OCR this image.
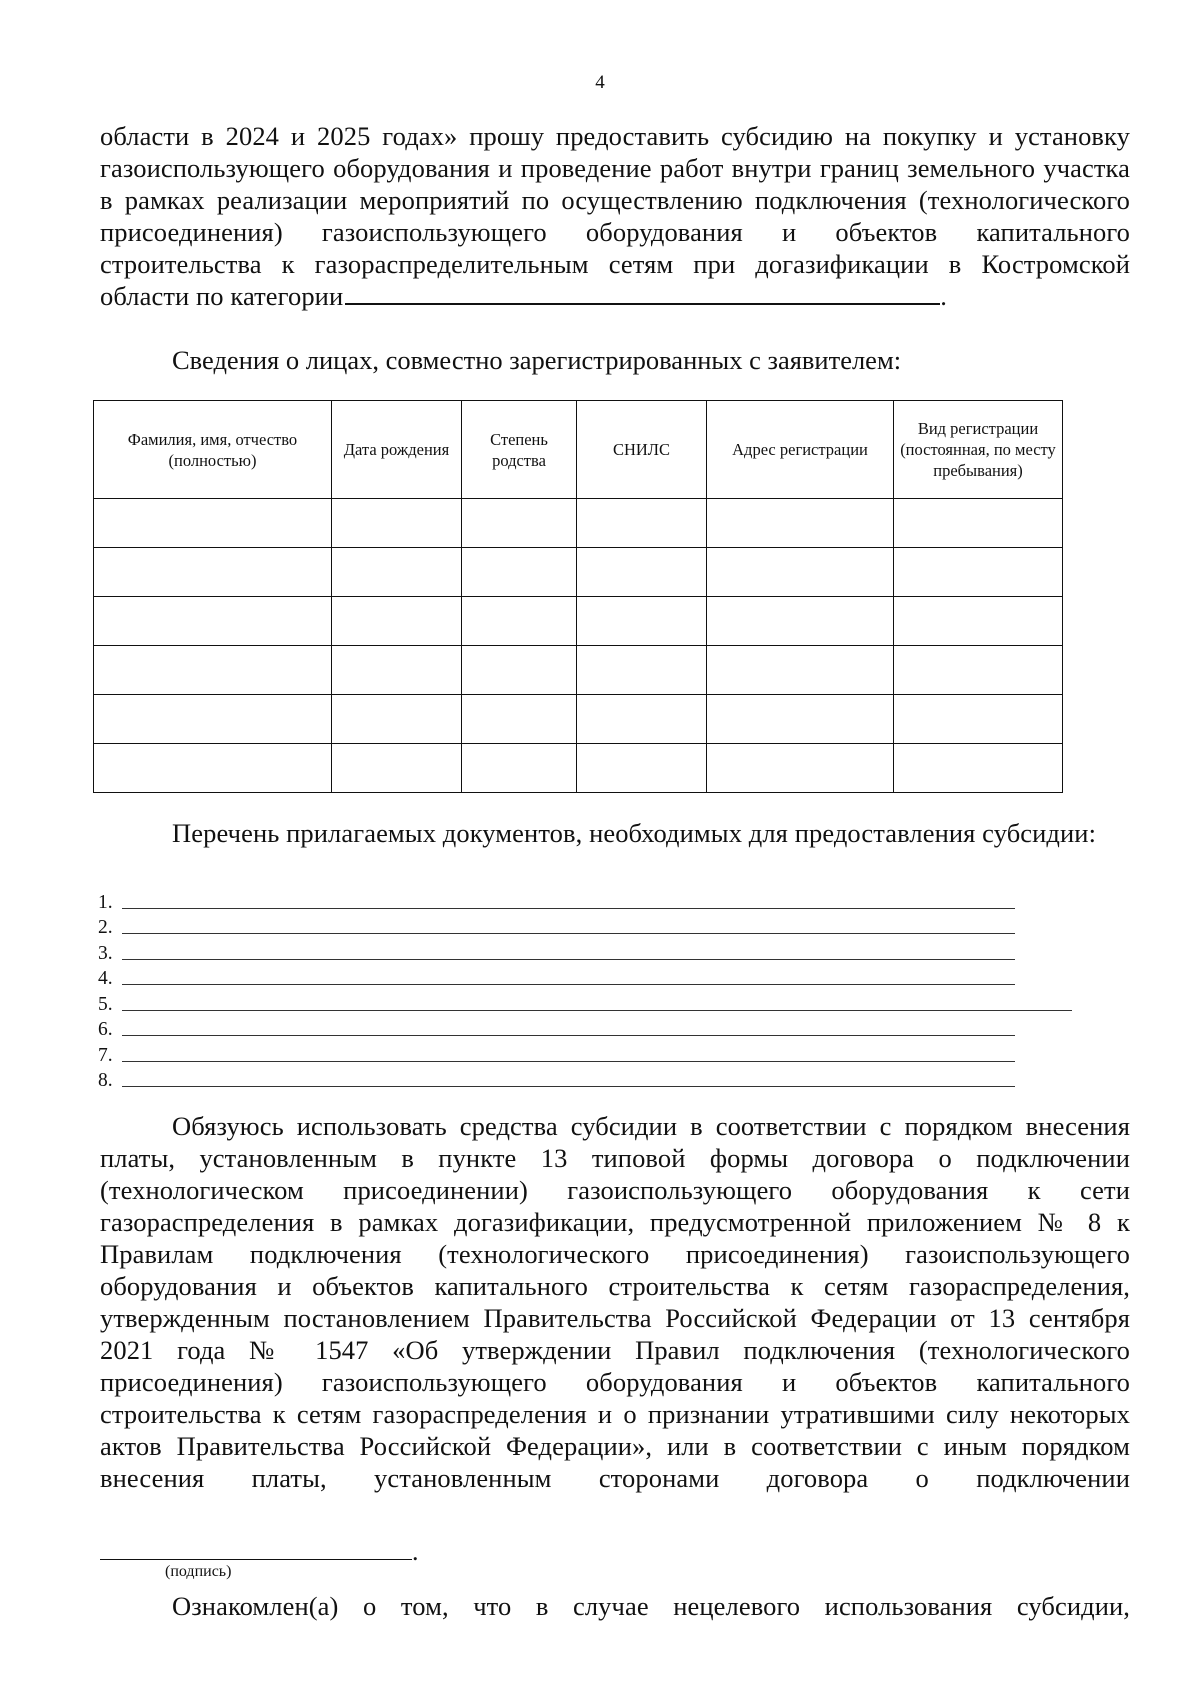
4
области в 2024 и 2025 годах» прошу предоставить субсидию на покупку и установку газоиспользующего оборудования и проведение работ внутри границ земельного участка в рамках реализации мероприятий по осуществлению подключения (технологического присоединения) газоиспользующего оборудования и объектов капитального строительства к газораспределительным сетям при догазификации в Костромской области по категории	.
Сведения о лицах, совместно зарегистрированных с заявителем:
Фамилия, имя, отчество (полностью)	Дата рождения	Степень родства	СНИЛС	Адрес регистрации	Вид регистрации (постоянная, по месту пребывания)

Перечень прилагаемых документов, необходимых для предоставления субсидии:
1.
2.
3.
4.
5.
6.
7.
8.
Обязуюсь использовать средства субсидии в соответствии с порядком внесения платы, установленным в пункте 13 типовой формы договора о подключении (технологическом присоединении) газоиспользующего оборудования к сети газораспределения в рамках догазификации, предусмотренной приложением № 8 к Правилам подключения (технологического присоединения) газоиспользующего оборудования и объектов капитального строительства к сетям газораспределения, утвержденным постановлением Правительства Российской Федерации от 13 сентября 2021 года № 1547 «Об утверждении Правил подключения (технологического присоединения) газоиспользующего оборудования и объектов капитального строительства к сетям газораспределения и о признании утратившими силу некоторых актов Правительства Российской Федерации», или в соответствии с иным порядком внесения платы, установленным сторонами договора о подключении
.
(подпись)
Ознакомлен(а) о том, что в случае нецелевого использования субсидии,
